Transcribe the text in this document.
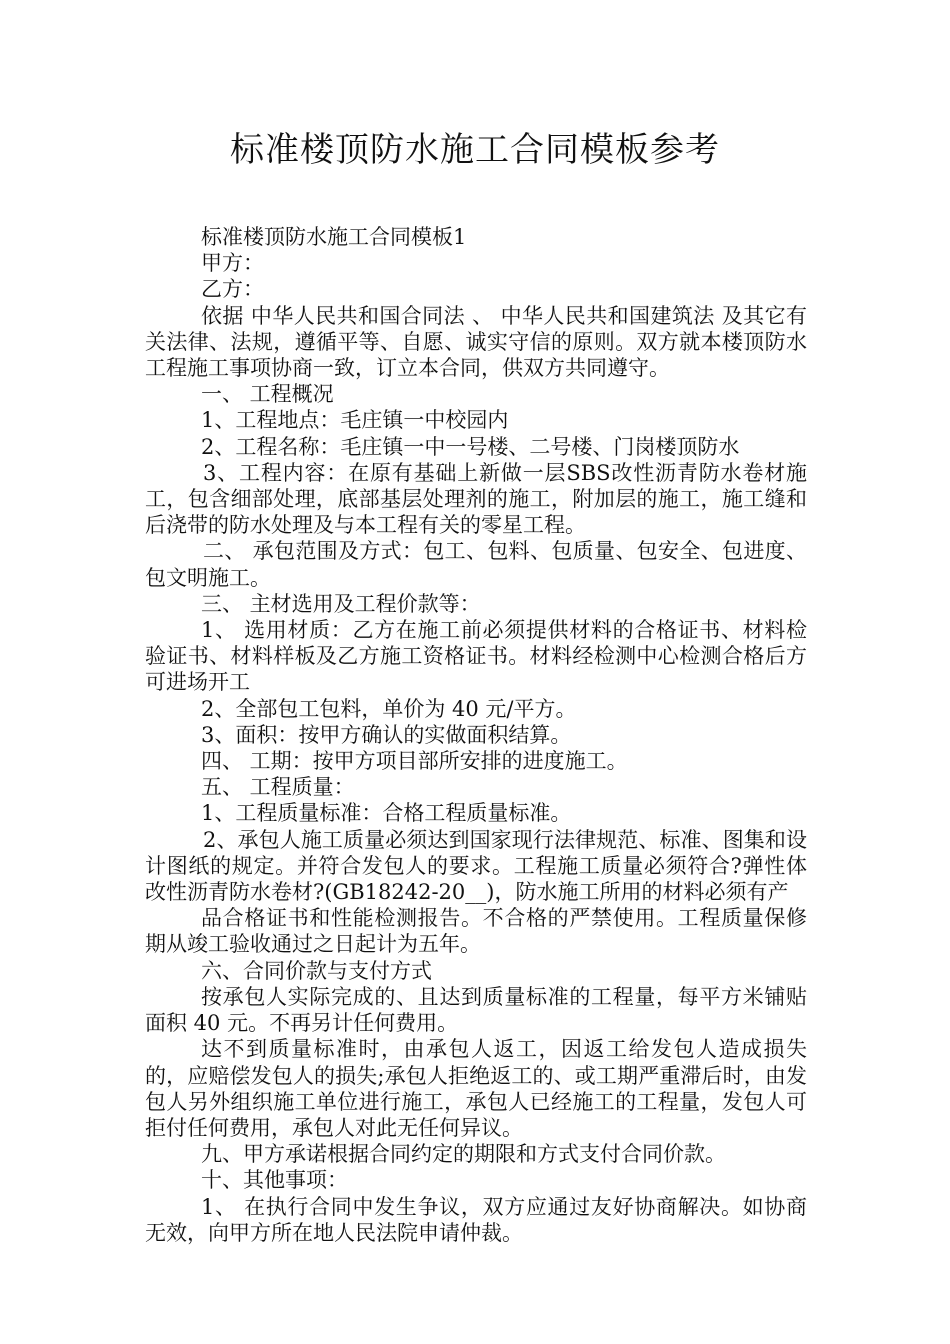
标准楼顶防水施工合同模板参考

标准楼顶防水施工合同模板1

甲方：

乙方：

依据 中华人民共和国合同法 、 中华人民共和国建筑法 及其它有关法律、法规，遵循平等、自愿、诚实守信的原则。双方就本楼顶防水工程施工事项协商一致，订立本合同，供双方共同遵守。

一、 工程概况

1、工程地点：毛庄镇一中校园内

2、工程名称：毛庄镇一中一号楼、二号楼、门岗楼顶防水

3、工程内容：在原有基础上新做一层SBS改性沥青防水卷材施工，包含细部处理，底部基层处理剂的施工，附加层的施工，施工缝和后浇带的防水处理及与本工程有关的零星工程。

二、 承包范围及方式：包工、包料、包质量、包安全、包进度、包文明施工。

三、 主材选用及工程价款等：

1、 选用材质：乙方在施工前必须提供材料的合格证书、材料检验证书、材料样板及乙方施工资格证书。材料经检测中心检测合格后方可进场开工

2、全部包工包料，单价为 40 元/平方。

3、面积：按甲方确认的实做面积结算。

四、 工期：按甲方项目部所安排的进度施工。

五、 工程质量：

1、工程质量标准：合格工程质量标准。

2、承包人施工质量必须达到国家现行法律规范、标准、图集和设计图纸的规定。并符合发包人的要求。工程施工质量必须符合?弹性体改性沥青防水卷材?(GB18242-20__)，防水施工所用的材料必须有产

品合格证书和性能检测报告。不合格的严禁使用。工程质量保修期从竣工验收通过之日起计为五年。

六、合同价款与支付方式

按承包人实际完成的、且达到质量标准的工程量，每平方米铺贴面积 40 元。不再另计任何费用。

达不到质量标准时，由承包人返工，因返工给发包人造成损失的，应赔偿发包人的损失;承包人拒绝返工的、或工期严重滞后时，由发包人另外组织施工单位进行施工，承包人已经施工的工程量，发包人可拒付任何费用，承包人对此无任何异议。

九、甲方承诺根据合同约定的期限和方式支付合同价款。

十、其他事项：

1、 在执行合同中发生争议，双方应通过友好协商解决。如协商无效，向甲方所在地人民法院申请仲裁。
